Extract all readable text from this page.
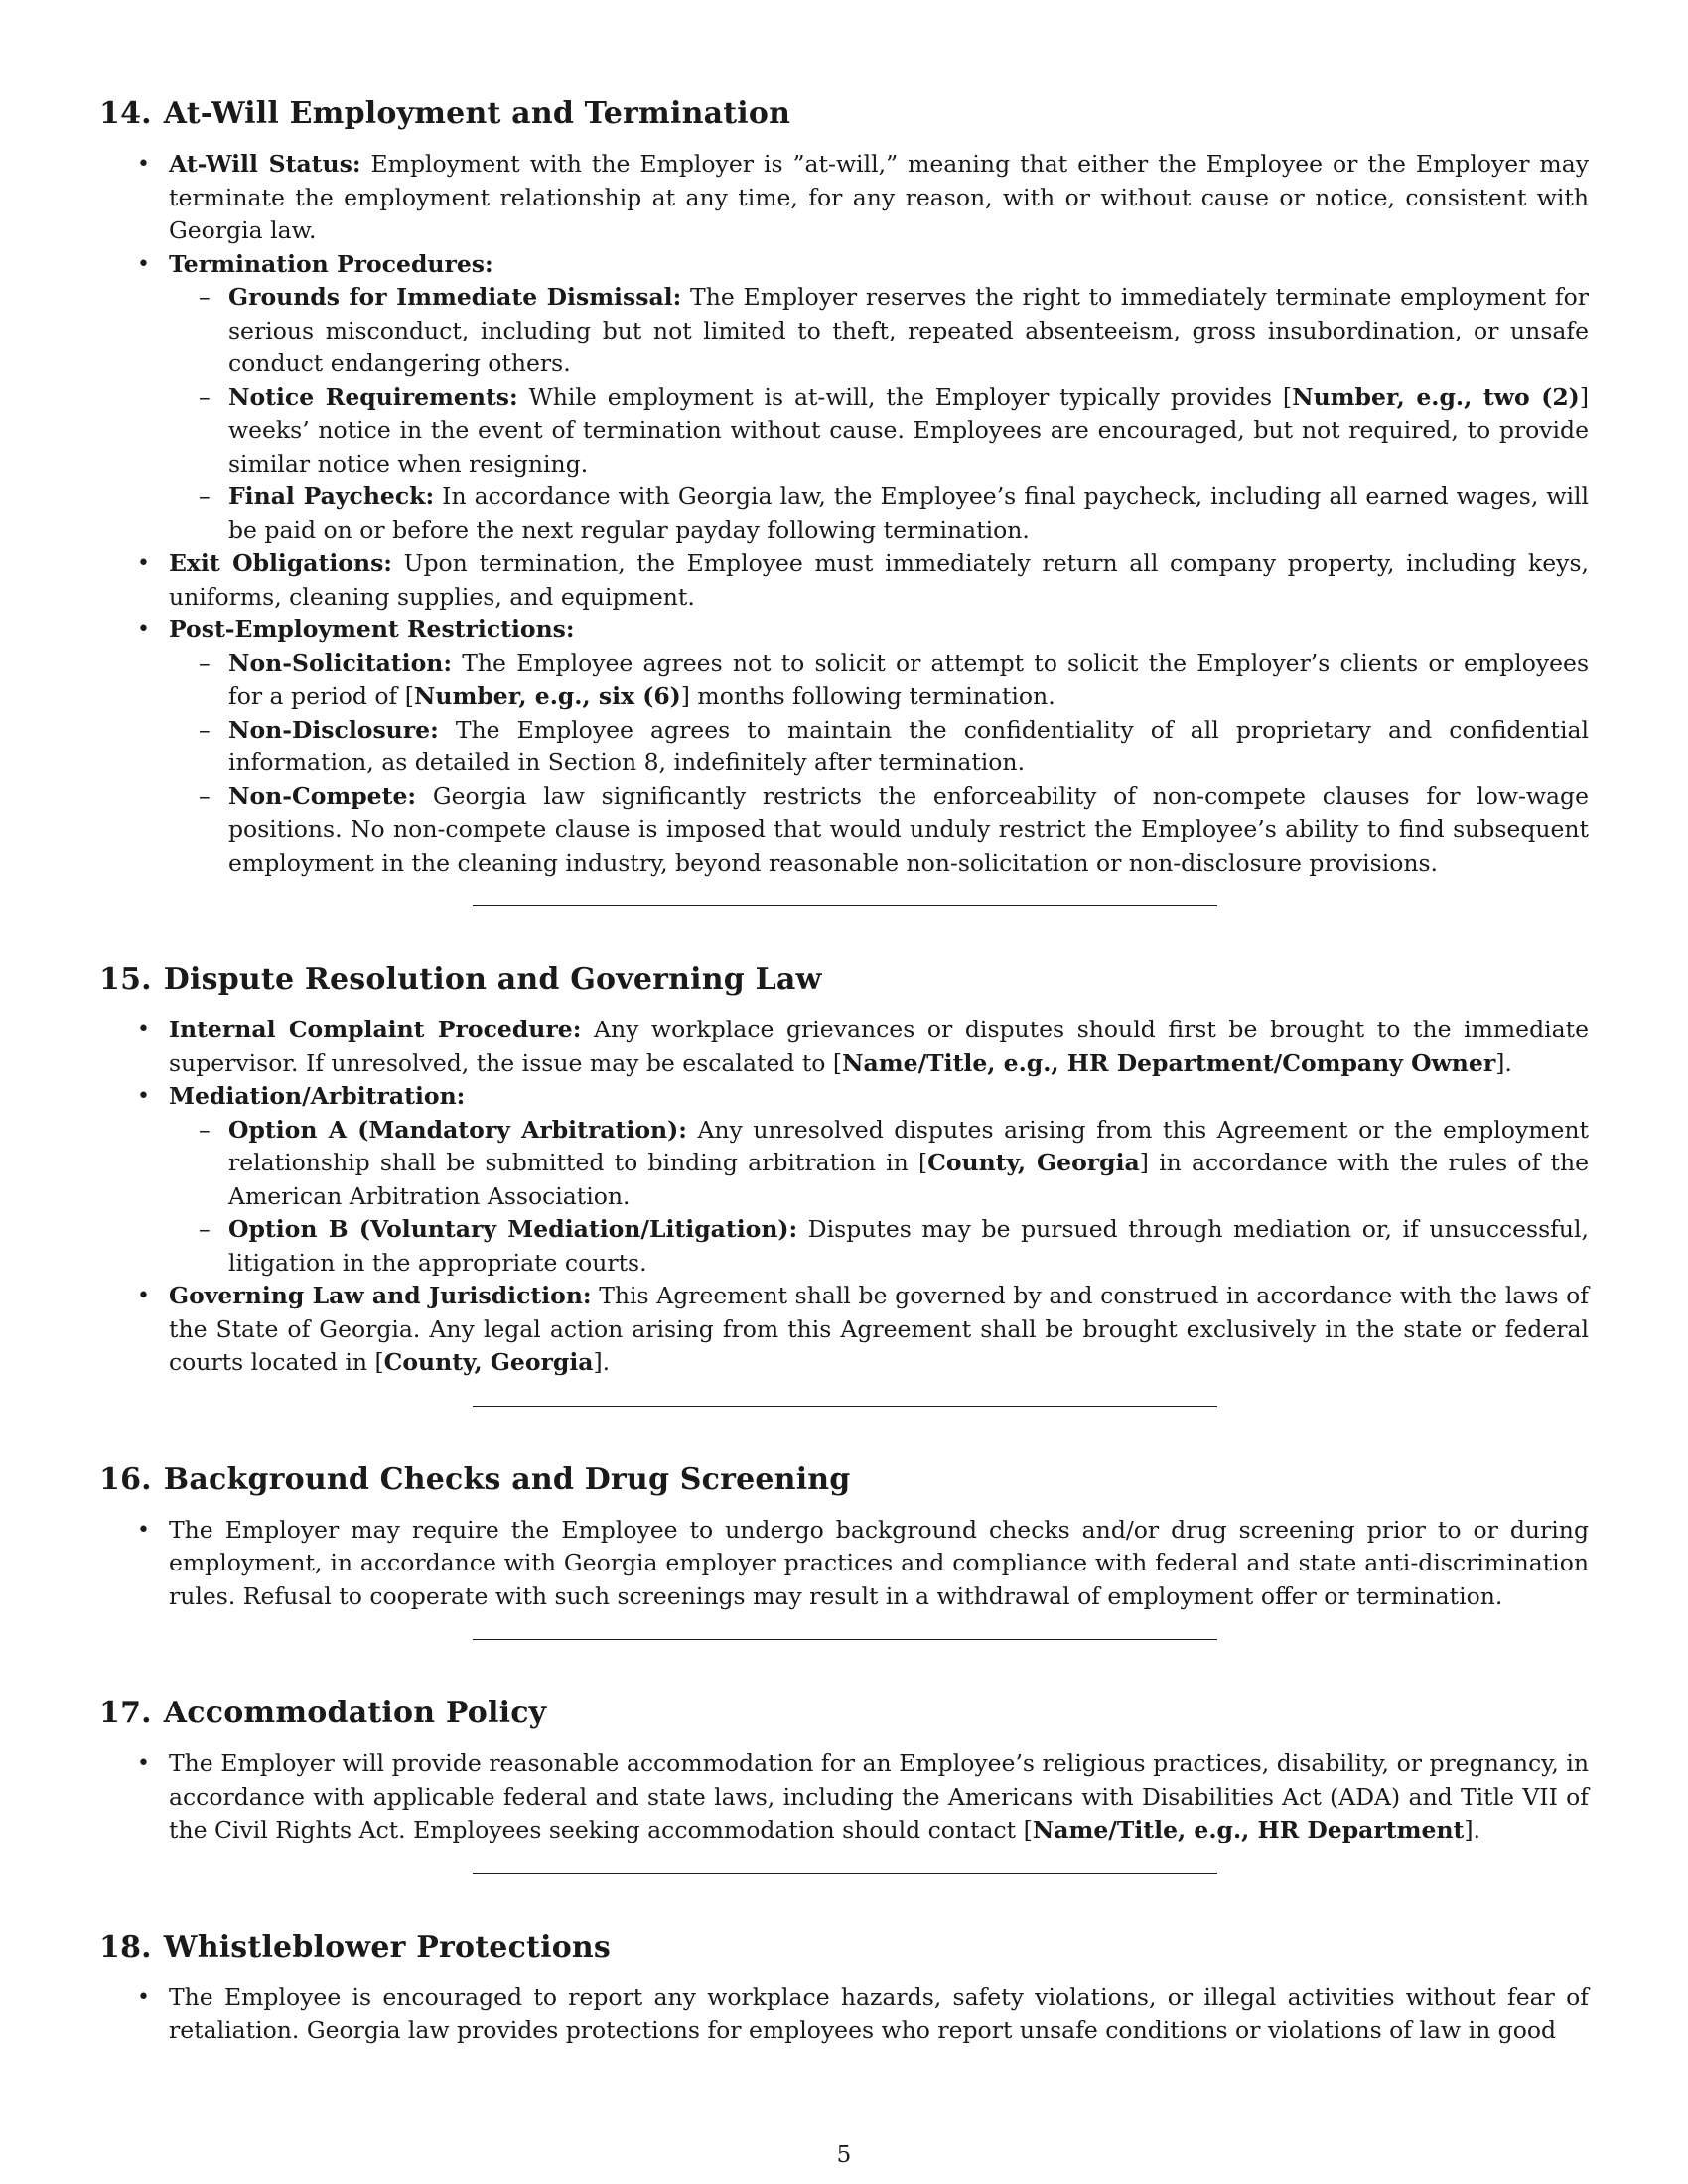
14. At-Will Employment and Termination
• At-Will Status: Employment with the Employer is ”at-will,” meaning that either the Employee or the Employer may terminate the employment relationship at any time, for any reason, with or without cause or notice, consistent with Georgia law.
• Termination Procedures:
– Grounds for Immediate Dismissal: The Employer reserves the right to immediately terminate employment for serious misconduct, including but not limited to theft, repeated absenteeism, gross insubordination, or unsafe conduct endangering others.
– Notice Requirements: While employment is at-will, the Employer typically provides [Number, e.g., two (2)] weeks’ notice in the event of termination without cause. Employees are encouraged, but not required, to provide similar notice when resigning.
– Final Paycheck: In accordance with Georgia law, the Employee’s final paycheck, including all earned wages, will be paid on or before the next regular payday following termination.
• Exit Obligations: Upon termination, the Employee must immediately return all company property, including keys, uniforms, cleaning supplies, and equipment.
• Post-Employment Restrictions:
– Non-Solicitation: The Employee agrees not to solicit or attempt to solicit the Employer’s clients or employees for a period of [Number, e.g., six (6)] months following termination.
– Non-Disclosure: The Employee agrees to maintain the confidentiality of all proprietary and confidential information, as detailed in Section 8, indefinitely after termination.
– Non-Compete: Georgia law significantly restricts the enforceability of non-compete clauses for low-wage positions. No non-compete clause is imposed that would unduly restrict the Employee’s ability to find subsequent employment in the cleaning industry, beyond reasonable non-solicitation or non-disclosure provisions.
15. Dispute Resolution and Governing Law
• Internal Complaint Procedure: Any workplace grievances or disputes should first be brought to the immediate supervisor. If unresolved, the issue may be escalated to [Name/Title, e.g., HR Department/Company Owner].
• Mediation/Arbitration:
– Option A (Mandatory Arbitration): Any unresolved disputes arising from this Agreement or the employment relationship shall be submitted to binding arbitration in [County, Georgia] in accordance with the rules of the American Arbitration Association.
– Option B (Voluntary Mediation/Litigation): Disputes may be pursued through mediation or, if unsuccessful, litigation in the appropriate courts.
• Governing Law and Jurisdiction: This Agreement shall be governed by and construed in accordance with the laws of the State of Georgia. Any legal action arising from this Agreement shall be brought exclusively in the state or federal courts located in [County, Georgia].
16. Background Checks and Drug Screening
• The Employer may require the Employee to undergo background checks and/or drug screening prior to or during employment, in accordance with Georgia employer practices and compliance with federal and state anti-discrimination rules. Refusal to cooperate with such screenings may result in a withdrawal of employment offer or termination.
17. Accommodation Policy
• The Employer will provide reasonable accommodation for an Employee’s religious practices, disability, or pregnancy, in accordance with applicable federal and state laws, including the Americans with Disabilities Act (ADA) and Title VII of the Civil Rights Act. Employees seeking accommodation should contact [Name/Title, e.g., HR Department].
18. Whistleblower Protections
• The Employee is encouraged to report any workplace hazards, safety violations, or illegal activities without fear of retaliation. Georgia law provides protections for employees who report unsafe conditions or violations of law in good
5
